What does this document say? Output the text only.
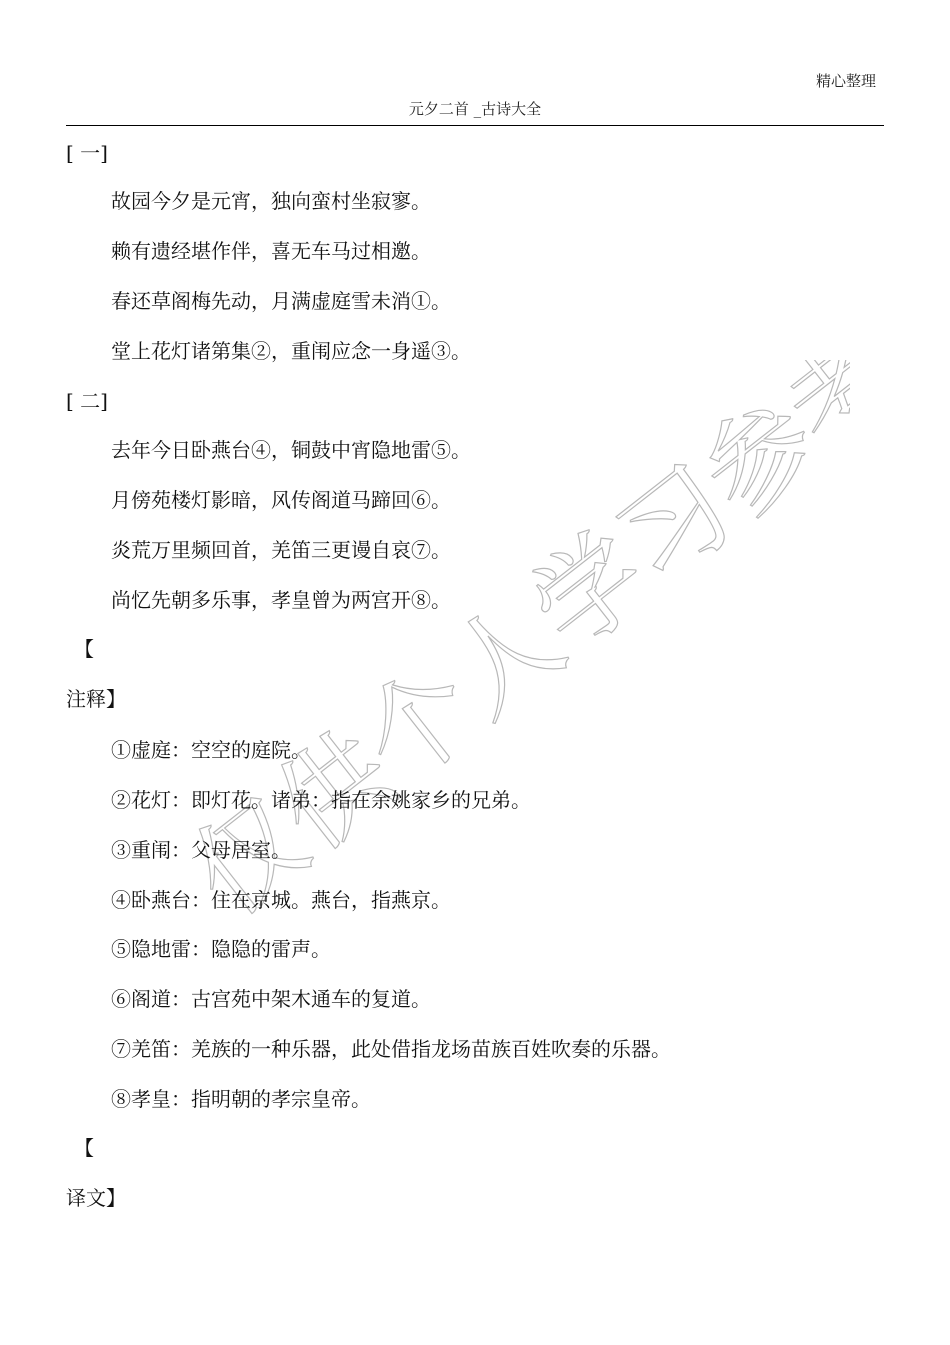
精心整理
元夕二首 _古诗大全
仅供个人学习参考
[ 一]
故园今夕是元宵，独向蛮村坐寂寥。
赖有遗经堪作伴，喜无车马过相邀。
春还草阁梅先动，月满虚庭雪未消①。
堂上花灯诸第集②，重闱应念一身遥③。
[ 二]
去年今日卧燕台④，铜鼓中宵隐地雷⑤。
月傍苑楼灯影暗，风传阁道马蹄回⑥。
炎荒万里频回首，羌笛三更谩自哀⑦。
尚忆先朝多乐事，孝皇曾为两宫开⑧。
【
注释】
①虚庭：空空的庭院。
②花灯：即灯花。诸弟：指在余姚家乡的兄弟。
③重闱：父母居室。
④卧燕台：住在京城。燕台，指燕京。
⑤隐地雷：隐隐的雷声。
⑥阁道：古宫苑中架木通车的复道。
⑦羌笛：羌族的一种乐器，此处借指龙场苗族百姓吹奏的乐器。
⑧孝皇：指明朝的孝宗皇帝。
【
译文】
